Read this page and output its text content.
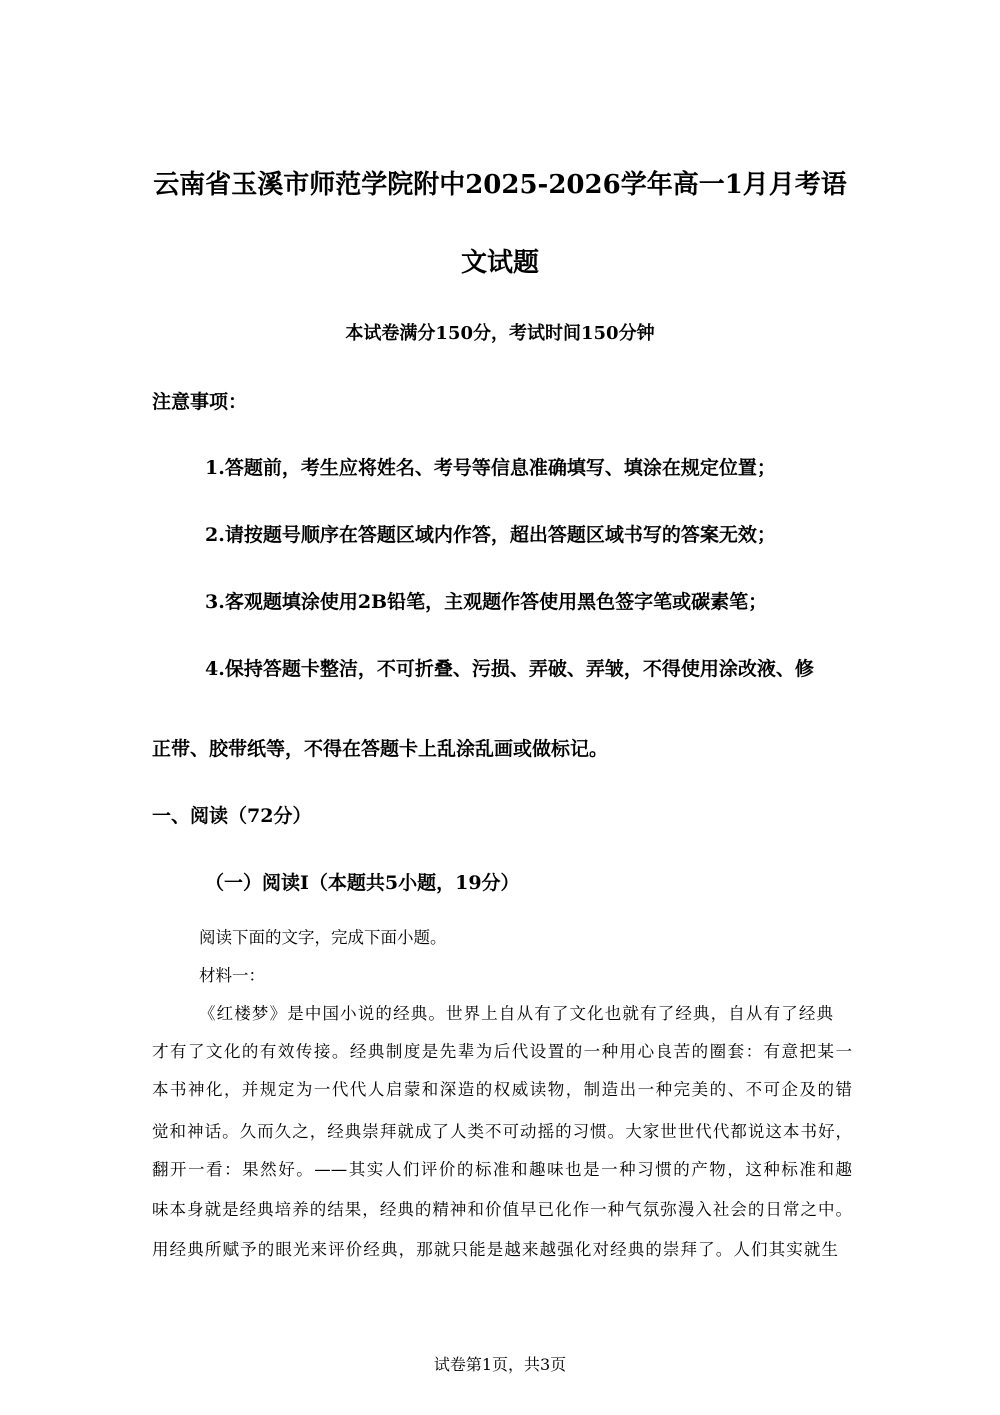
云南省玉溪市师范学院附中2025-2026学年高一1月月考语
文试题
本试卷满分150分，考试时间150分钟
注意事项：
1.答题前，考生应将姓名、考号等信息准确填写、填涂在规定位置；
2.请按题号顺序在答题区域内作答，超出答题区域书写的答案无效；
3.客观题填涂使用2B铅笔，主观题作答使用黑色签字笔或碳素笔；
4.保持答题卡整洁，不可折叠、污损、弄破、弄皱，不得使用涂改液、修
正带、胶带纸等，不得在答题卡上乱涂乱画或做标记。
一、阅读（72分）
（一）阅读I（本题共5小题，19分）
阅读下面的文字，完成下面小题。
材料一：
《红楼梦》是中国小说的经典。世界上自从有了文化也就有了经典，自从有了经典
才有了文化的有效传接。经典制度是先辈为后代设置的一种用心良苦的圈套：有意把某一
本书神化，并规定为一代代人启蒙和深造的权威读物，制造出一种完美的、不可企及的错
觉和神话。久而久之，经典崇拜就成了人类不可动摇的习惯。大家世世代代都说这本书好，
翻开一看：果然好。——其实人们评价的标准和趣味也是一种习惯的产物，这种标准和趣
味本身就是经典培养的结果，经典的精神和价值早已化作一种气氛弥漫入社会的日常之中。
用经典所赋予的眼光来评价经典，那就只能是越来越强化对经典的崇拜了。人们其实就生
试卷第1页，共3页
